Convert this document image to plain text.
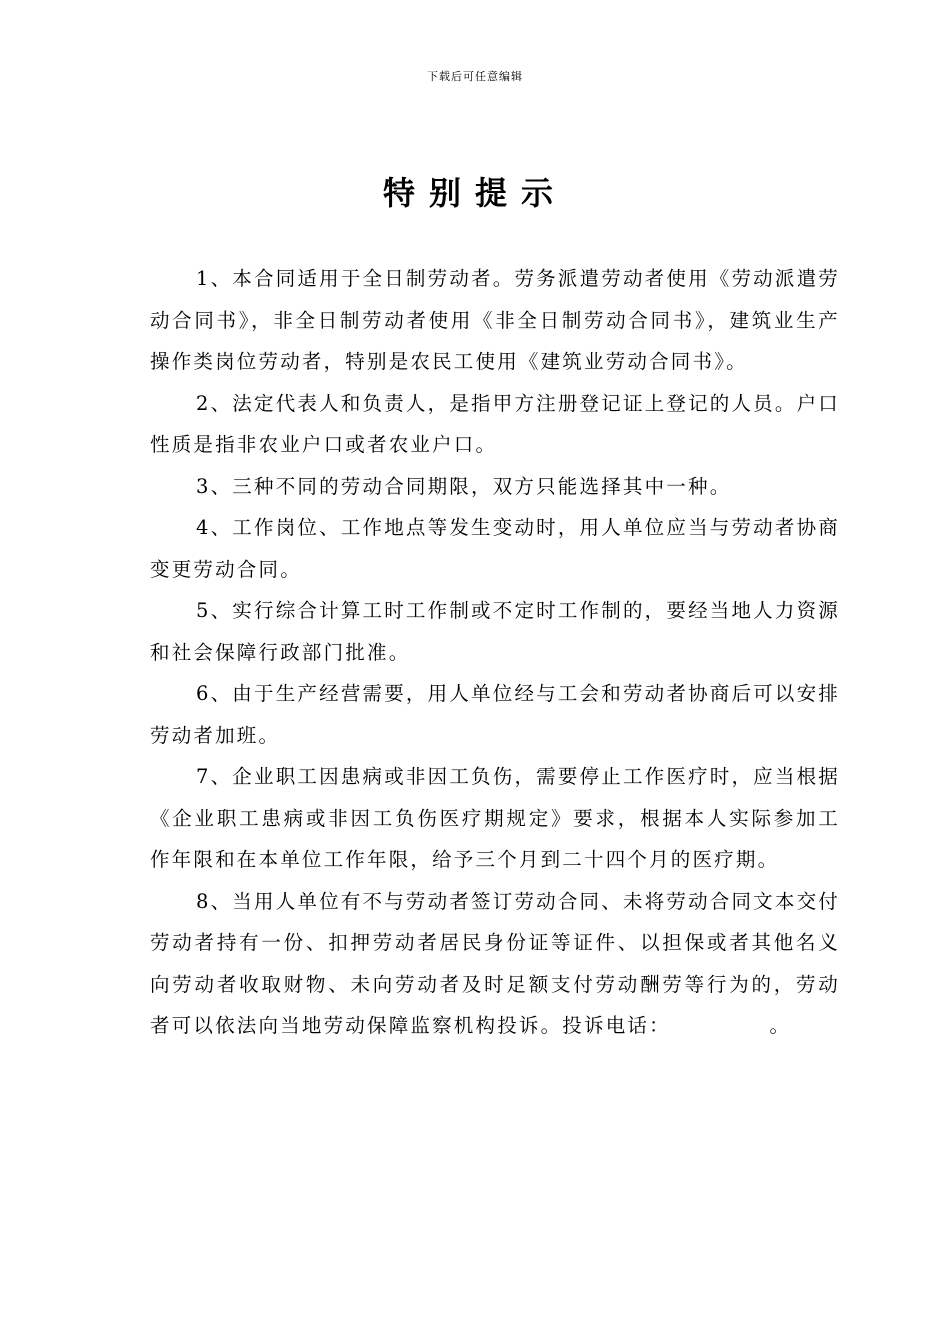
下载后可任意编辑
特别提示

1、本合同适用于全日制劳动者。劳务派遣劳动者使用《劳动派遣劳动合同书》，非全日制劳动者使用《非全日制劳动合同书》，建筑业生产操作类岗位劳动者，特别是农民工使用《建筑业劳动合同书》。

2、法定代表人和负责人，是指甲方注册登记证上登记的人员。户口性质是指非农业户口或者农业户口。

3、三种不同的劳动合同期限，双方只能选择其中一种。

4、工作岗位、工作地点等发生变动时，用人单位应当与劳动者协商变更劳动合同。

5、实行综合计算工时工作制或不定时工作制的，要经当地人力资源和社会保障行政部门批准。

6、由于生产经营需要，用人单位经与工会和劳动者协商后可以安排劳动者加班。

7、企业职工因患病或非因工负伤，需要停止工作医疗时，应当根据《企业职工患病或非因工负伤医疗期规定》要求，根据本人实际参加工作年限和在本单位工作年限，给予三个月到二十四个月的医疗期。

8、当用人单位有不与劳动者签订劳动合同、未将劳动合同文本交付劳动者持有一份、扣押劳动者居民身份证等证件、以担保或者其他名义向劳动者收取财物、未向劳动者及时足额支付劳动酬劳等行为的，劳动者可以依法向当地劳动保障监察机构投诉。投诉电话：　　　　　。
